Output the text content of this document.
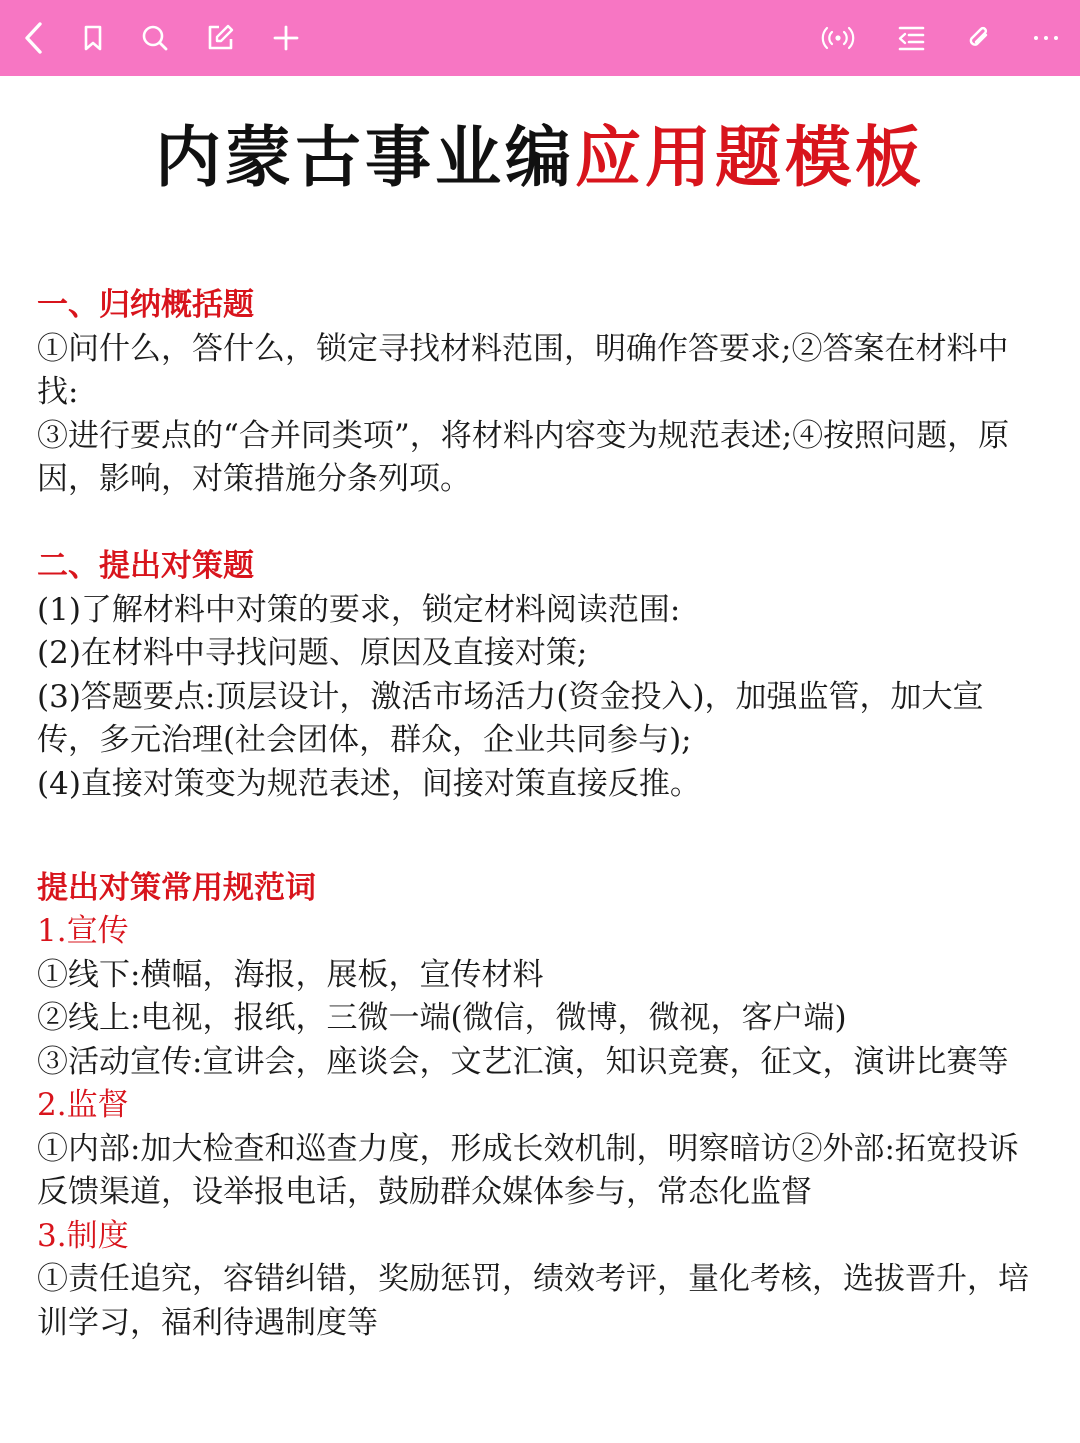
内蒙古事业编应用题模板
一、归纳概括题
①问什么，答什么，锁定寻找材料范围，明确作答要求;②答案在材料中
找:
③进行要点的“合并同类项”，将材料内容变为规范表述;④按照问题，原
因，影响，对策措施分条列项。
二、提出对策题
(1)了解材料中对策的要求，锁定材料阅读范围:
(2)在材料中寻找问题、原因及直接对策;
(3)答题要点:顶层设计，激活市场活力(资金投入)，加强监管，加大宣
传，多元治理(社会团体，群众，企业共同参与);
(4)直接对策变为规范表述，间接对策直接反推。
提出对策常用规范词
1.宣传
①线下:横幅，海报，展板，宣传材料
②线上:电视，报纸，三微一端(微信，微博，微视，客户端)
③活动宣传:宣讲会，座谈会，文艺汇演，知识竞赛，征文，演讲比赛等
2.监督
①内部:加大检查和巡查力度，形成长效机制，明察暗访②外部:拓宽投诉
反馈渠道，设举报电话，鼓励群众媒体参与，常态化监督
3.制度
①责任追究，容错纠错，奖励惩罚，绩效考评，量化考核，选拔晋升，培
训学习，福利待遇制度等
